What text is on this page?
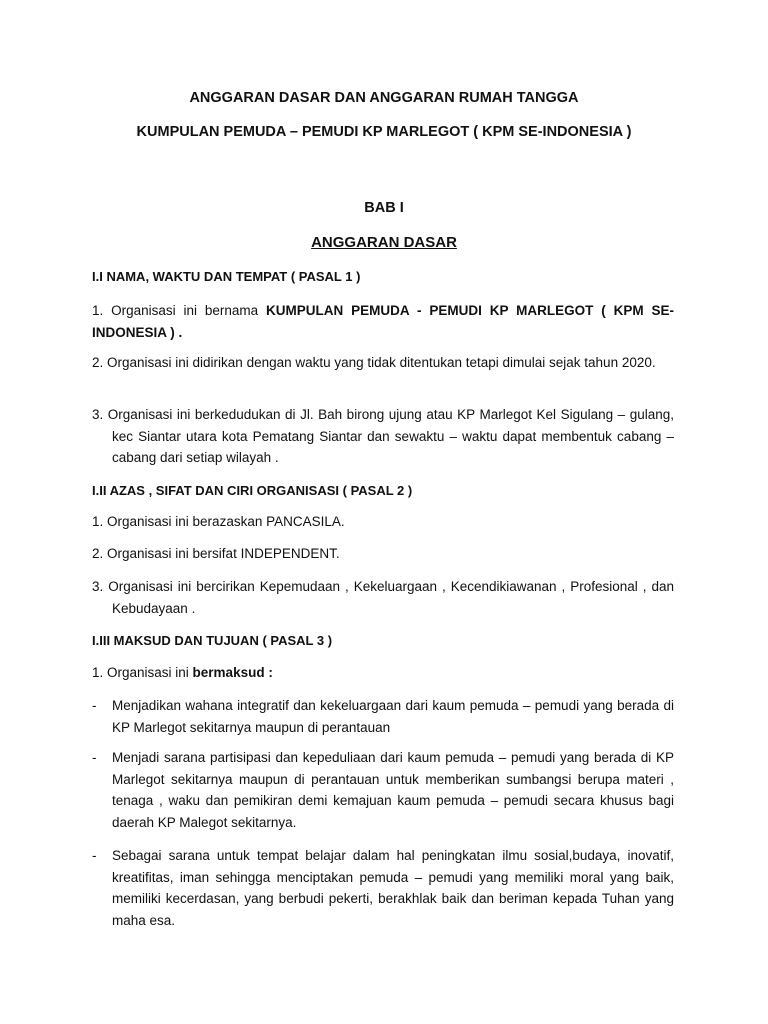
ANGGARAN DASAR DAN ANGGARAN RUMAH TANGGA
KUMPULAN PEMUDA – PEMUDI KP MARLEGOT ( KPM SE-INDONESIA )
BAB I
ANGGARAN DASAR
I.I NAMA, WAKTU DAN TEMPAT ( PASAL 1 )
1. Organisasi ini bernama KUMPULAN PEMUDA - PEMUDI KP MARLEGOT ( KPM SE-INDONESIA ) .
2. Organisasi ini didirikan dengan waktu yang tidak ditentukan tetapi dimulai sejak tahun 2020.
3. Organisasi ini berkedudukan di Jl. Bah birong ujung atau KP Marlegot Kel Sigulang – gulang, kec Siantar utara kota Pematang Siantar dan sewaktu – waktu dapat membentuk cabang – cabang dari setiap wilayah .
I.II AZAS , SIFAT DAN CIRI ORGANISASI ( PASAL 2 )
1. Organisasi ini berazaskan PANCASILA.
2. Organisasi ini bersifat INDEPENDENT.
3. Organisasi ini bercirikan Kepemudaan , Kekeluargaan , Kecendikiawanan , Profesional , dan Kebudayaan .
I.III MAKSUD DAN TUJUAN ( PASAL 3 )
1. Organisasi ini bermaksud :
- Menjadikan wahana integratif dan kekeluargaan dari kaum pemuda – pemudi yang berada di KP Marlegot sekitarnya maupun di perantauan
- Menjadi sarana partisipasi dan kepeduliaan dari kaum pemuda – pemudi yang berada di KP Marlegot sekitarnya maupun di perantauan untuk memberikan sumbangsi berupa materi , tenaga , waku dan pemikiran demi kemajuan kaum pemuda – pemudi secara khusus bagi daerah KP Malegot sekitarnya.
- Sebagai sarana untuk tempat belajar dalam hal peningkatan ilmu sosial,budaya, inovatif, kreatifitas, iman sehingga menciptakan pemuda – pemudi yang memiliki moral yang baik, memiliki kecerdasan, yang berbudi pekerti, berakhlak baik dan beriman kepada Tuhan yang maha esa.
